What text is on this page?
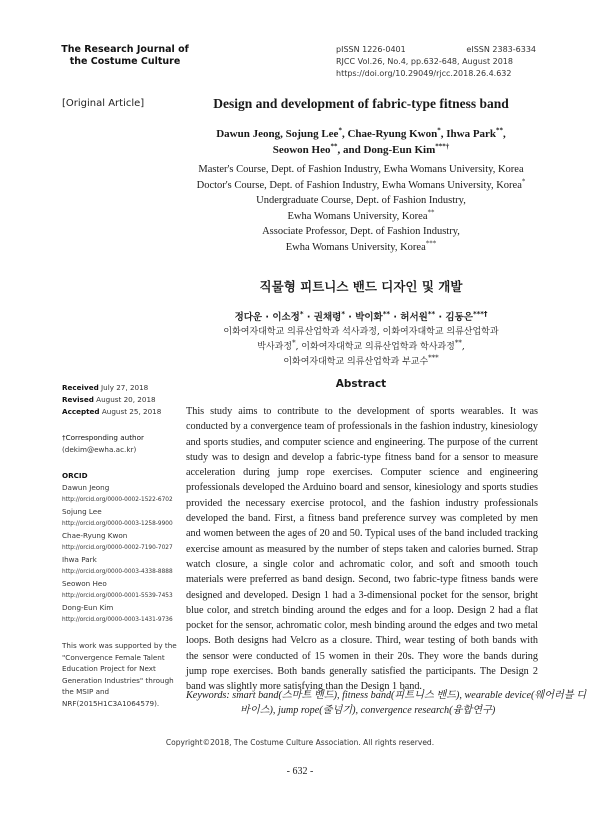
The Research Journal of
the Costume Culture
pISSN 1226-0401	eISSN 2383-6334
RJCC Vol.26, No.4, pp.632-648, August 2018
https://doi.org/10.29049/rjcc.2018.26.4.632
[Original Article]	Design and development of fabric-type fitness band
Dawun Jeong, Sojung Lee*, Chae-Ryung Kwon*, Ihwa Park**,
Seowon Heo**, and Dong-Eun Kim***†
Master's Course, Dept. of Fashion Industry, Ewha Womans University, Korea
Doctor's Course, Dept. of Fashion Industry, Ewha Womans University, Korea*
Undergraduate Course, Dept. of Fashion Industry,
Ewha Womans University, Korea**
Associate Professor, Dept. of Fashion Industry,
Ewha Womans University, Korea***
직물형 피트니스 밴드 디자인 및 개발
정다운 · 이소정* · 권채령* · 박이화** · 허서원** · 김동은***†
이화여자대학교 의류산업학과 석사과정, 이화여자대학교 의류산업학과
박사과정*, 이화여자대학교 의류산업학과 학사과정**,
이화여자대학교 의류산업학과 부교수***
Abstract

This study aims to contribute to the development of sports wearables. It was conducted by a convergence team of professionals in the fashion industry, kinesiology and sports studies, and computer science and engineering. The purpose of the current study was to design and develop a fabric-type fitness band for a sensor to measure acceleration during jump rope exercises. Computer science and engineering professionals developed the Arduino board and sensor, kinesiology and sports studies provided the necessary exercise protocol, and the fashion industry professionals developed the band. First, a fitness band preference survey was completed by men and women between the ages of 20 and 50. Typical uses of the band included tracking exercise amount as measured by the number of steps taken and calories burned. Strap watch closure, a single color and achromatic color, and soft and smooth touch materials were preferred as band design. Second, two fabric-type fitness bands were designed and developed. Design 1 had a 3-dimensional pocket for the sensor, bright blue color, and stretch binding around the edges and for a loop. Design 2 had a flat pocket for the sensor, achromatic color, mesh binding around the edges and two metal loops. Both designs had Velcro as a closure. Third, wear testing of both bands with the sensor were conducted of 15 women in their 20s. They wore the bands during jump rope exercises. Both bands generally satisfied the participants. The Design 2 band was slightly more satisfying than the Design 1 band.

Keywords: smart band(스마트 밴드), fitness band(피트니스 밴드), wearable device(웨어러블 디바이스), jump rope(줄넘기), convergence research(융합연구)
Received July 27, 2018
Revised August 20, 2018
Accepted August 25, 2018
†Corresponding author
(dekim@ewha.ac.kr)
ORCID
Dawun Jeong
http://orcid.org/0000-0002-1522-6702
Sojung Lee
http://orcid.org/0000-0003-1258-9900
Chae-Ryung Kwon
http://orcid.org/0000-0002-7190-7027
Ihwa Park
http://orcid.org/0000-0003-4338-8888
Seowon Heo
http://orcid.org/0000-0001-5539-7453
Dong-Eun Kim
http://orcid.org/0000-0003-1431-9736
This work was supported by the "Convergence Female Talent Education Project for Next Generation Industries" through the MSIP and NRF(2015H1C3A1064579).
Copyright©2018, The Costume Culture Association. All rights reserved.
- 632 -
